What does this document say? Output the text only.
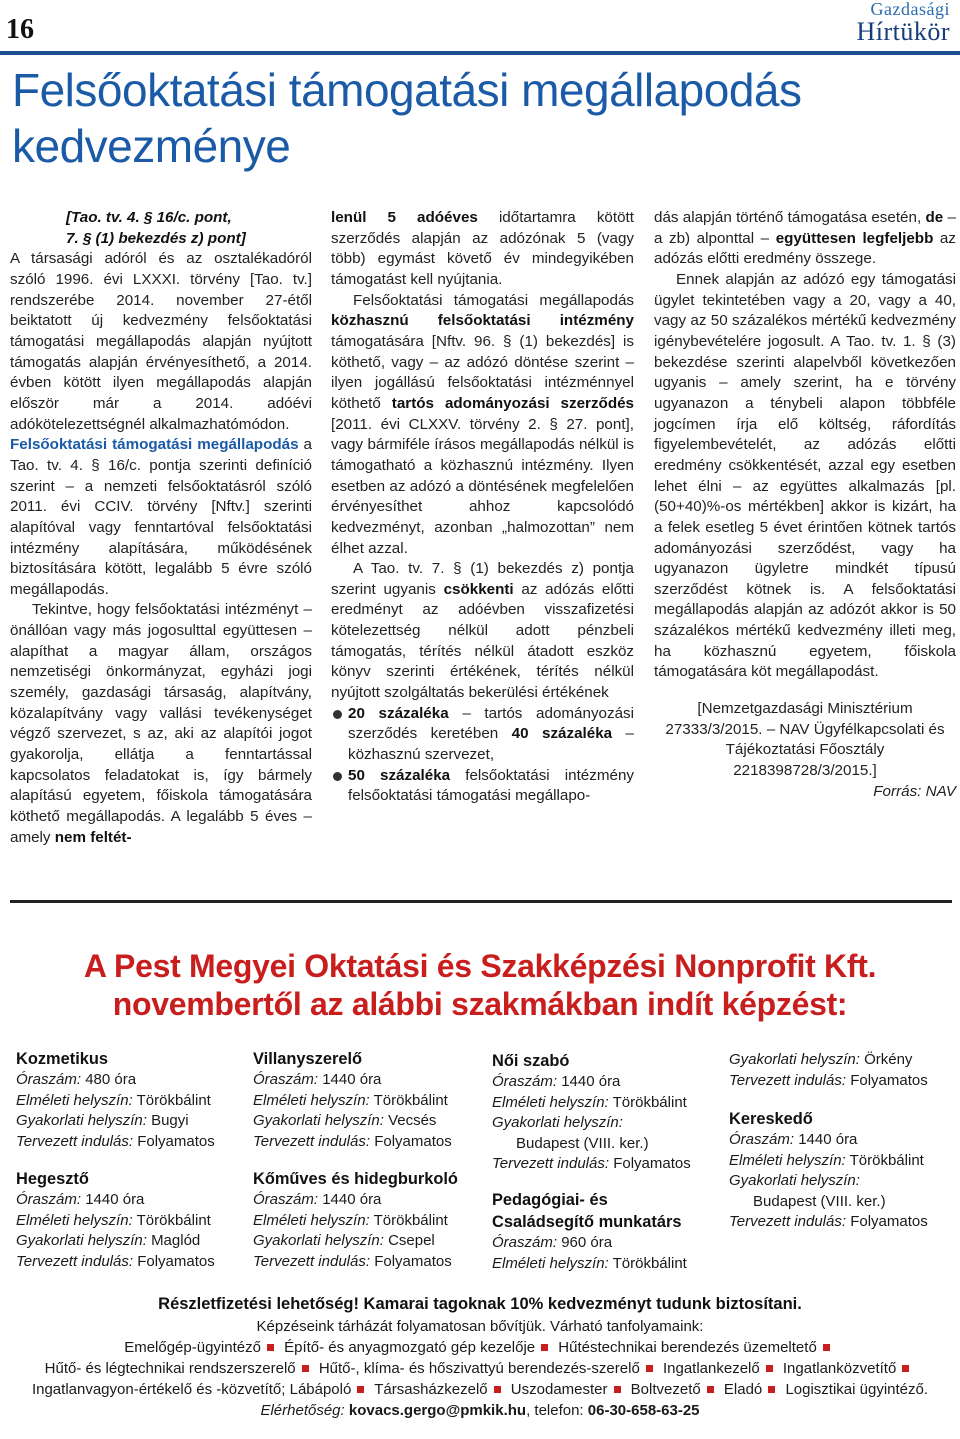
16
Gazdasági
Hírtükör
Felsőoktatási támogatási megállapodás kedvezménye

[Tao. tv. 4. § 16/c. pont,

7. § (1) bekezdés z) pont]

A társasági adóról és az osztalékadóról szóló 1996. évi LXXXI. törvény [Tao. tv.] rendszerébe 2014. november 27-étől beiktatott új kedvezmény felsőoktatási támogatási megállapodás alapján nyújtott támogatás alapján érvényesíthető, a 2014. évben kötött ilyen megállapodás alapján először már a 2014. adóévi adókötelezettségnél alkalmazhatómódon.

Felsőoktatási támogatási megállapodás a Tao. tv. 4. § 16/c. pontja szerinti definíció szerint – a nemzeti felsőoktatásról szóló 2011. évi CCIV. törvény [Nftv.] szerinti alapítóval vagy fenntartóval felsőoktatási intézmény alapítására, működésének biztosítására kötött, legalább 5 évre szóló megállapodás.

Tekintve, hogy felsőoktatási intézményt – önállóan vagy más jogosulttal együttesen – alapíthat a magyar állam, országos nemzetiségi önkormányzat, egyházi jogi személy, gazdasági társaság, alapítvány, közalapítvány vagy vallási tevékenységet végző szervezet, s az, aki az alapítói jogot gyakorolja, ellátja a fenntartással kapcsolatos feladatokat is, így bármely alapítású egyetem, főiskola támogatására köthető megállapodás. A legalább 5 éves – amely nem feltét-

lenül 5 adóéves időtartamra kötött szerződés alapján az adózónak 5 (vagy több) egymást követő év mindegyikében támogatást kell nyújtania.

Felsőoktatási támogatási megállapodás közhasznú felsőoktatási intézmény támogatására [Nftv. 96. § (1) bekezdés] is köthető, vagy – az adózó döntése szerint – ilyen jogállású felsőoktatási intézménnyel köthető tartós adományozási szerződés [2011. évi CLXXV. törvény 2. § 27. pont], vagy bármiféle írásos megállapodás nélkül is támogatható a közhasznú intézmény. Ilyen esetben az adózó a döntésének megfelelően érvényesíthet ahhoz kapcsolódó kedvezményt, azonban „halmozottan” nem élhet azzal.

A Tao. tv. 7. § (1) bekezdés z) pontja szerint ugyanis csökkenti az adózás előtti eredményt az adóévben visszafizetési kötelezettség nélkül adott pénzbeli támogatás, térítés nélkül átadott eszköz könyv szerinti értékének, térítés nélkül nyújtott szolgáltatás bekerülési értékének

20 százaléka – tartós adományozási szerződés keretében 40 százaléka – közhasznú szervezet,
50 százaléka felsőoktatási intézmény felsőoktatási támogatási megállapo-

dás alapján történő támogatása esetén, de – a zb) alponttal – együttesen legfeljebb az adózás előtti eredmény összege.

Ennek alapján az adózó egy támogatási ügylet tekintetében vagy a 20, vagy a 40, vagy az 50 százalékos mértékű kedvezmény igénybevételére jogosult. A Tao. tv. 1. § (3) bekezdése szerinti alapelvből következően ugyanis – amely szerint, ha e törvény ugyanazon a ténybeli alapon többféle jogcímen írja elő költség, ráfordítás figyelembevételét, az adózás előtti eredmény csökkentését, azzal egy esetben lehet élni – az együttes alkalmazás [pl. (50+40)%-os mértékben] akkor is kizárt, ha a felek esetleg 5 évet érintően kötnek tartós adományozási szerződést, vagy ha ugyanazon ügyletre mindkét típusú szerződést kötnek is. A felsőoktatási megállapodás alapján az adózót akkor is 50 százalékos mértékű kedvezmény illeti meg, ha közhasznú egyetem, főiskola támogatására köt megállapodást.

[Nemzetgazdasági Minisztérium 27333/3/2015. – NAV Ügyfélkapcsolati és Tájékoztatási Főosztály 2218398728/3/2015.]

Forrás: NAV

A Pest Megyei Oktatási és Szakképzési Nonprofit Kft.
novembertől az alábbi szakmákban indít képzést:
Kozmetikus
Óraszám: 480 óra
Elméleti helyszín: Törökbálint
Gyakorlati helyszín: Bugyi
Tervezett indulás: Folyamatos
Hegesztő
Óraszám: 1440 óra
Elméleti helyszín: Törökbálint
Gyakorlati helyszín: Maglód
Tervezett indulás: Folyamatos
Villanyszerelő
Óraszám: 1440 óra
Elméleti helyszín: Törökbálint
Gyakorlati helyszín: Vecsés
Tervezett indulás: Folyamatos
Kőműves és hidegburkoló
Óraszám: 1440 óra
Elméleti helyszín: Törökbálint
Gyakorlati helyszín: Csepel
Tervezett indulás: Folyamatos
Női szabó
Óraszám: 1440 óra
Elméleti helyszín: Törökbálint
Gyakorlati helyszín:
Budapest (VIII. ker.)
Tervezett indulás: Folyamatos
Pedagógiai- és
Családsegítő munkatárs
Óraszám: 960 óra
Elméleti helyszín: Törökbálint
Gyakorlati helyszín: Örkény
Tervezett indulás: Folyamatos
Kereskedő
Óraszám: 1440 óra
Elméleti helyszín: Törökbálint
Gyakorlati helyszín:
Budapest (VIII. ker.)
Tervezett indulás: Folyamatos
Részletfizetési lehetőség! Kamarai tagoknak 10% kedvezményt tudunk biztosítani.
Képzéseink tárházát folyamatosan bővítjük. Várható tanfolyamaink:
Emelőgép-ügyintéző Építő- és anyagmozgató gép kezelője Hűtéstechnikai berendezés üzemeltető Hűtő- és légtechnikai rendszerszerelő Hűtő-, klíma- és hőszivattyú berendezés-szerelő Ingatlankezelő Ingatlanközvetítő Ingatlanvagyon-értékelő és -közvetítő; Lábápoló Társasházkezelő Uszodamester Boltvezető Eladó Logisztikai ügyintéző.
Elérhetőség: kovacs.gergo@pmkik.hu, telefon: 06-30-658-63-25
